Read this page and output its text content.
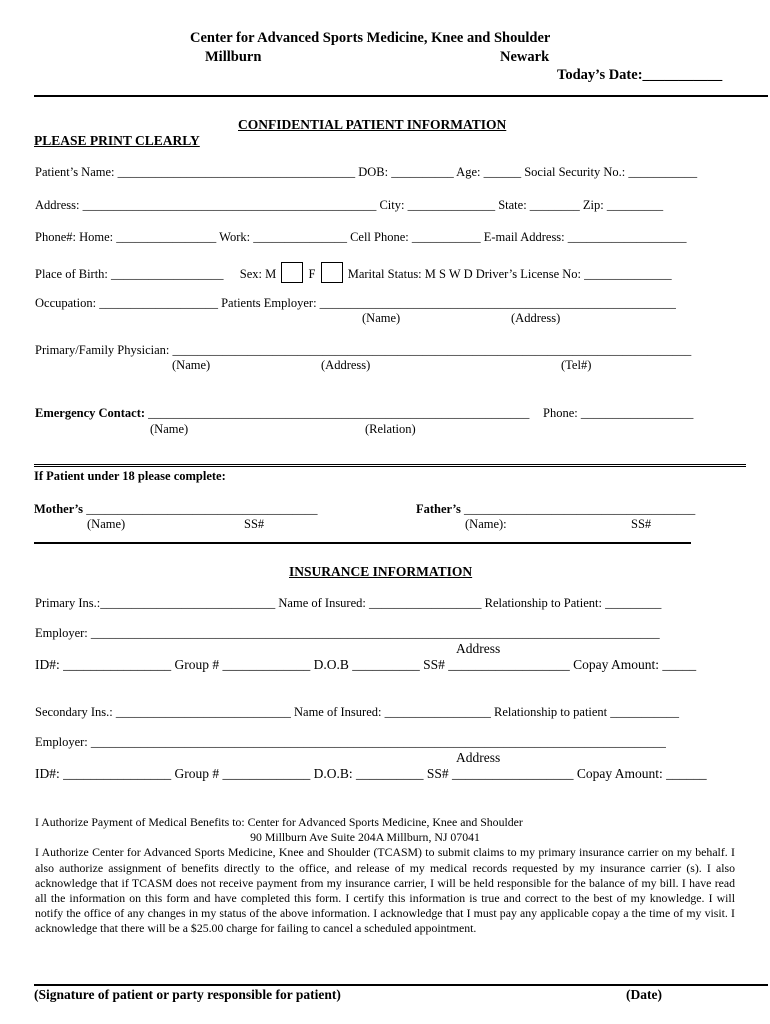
Center for Advanced Sports Medicine, Knee and Shoulder
Millburn	Newark
Today’s Date:___________
CONFIDENTIAL PATIENT INFORMATION
PLEASE PRINT CLEARLY
Patient’s Name: ______________________________________ DOB: __________ Age: ______ Social Security No.: ___________
Address: _______________________________________________ City: ______________ State: ________ Zip: _________
Phone#: Home: ________________ Work: _______________ Cell Phone: ___________ E-mail Address: ___________________
Place of Birth: __________________ Sex: M	F	Marital Status: M S W D Driver’s License No: ______________
Occupation: ___________________ Patients Employer: _________________________________________________________
(Name)	(Address)
Primary/Family Physician: ___________________________________________________________________________________
(Name)	(Address)	(Tel#)
Emergency Contact: _____________________________________________________________ Phone: __________________
(Name)	(Relation)
If Patient under 18 please complete:
Mother’s _____________________________________	Father’s _____________________________________
(Name)	SS#	(Name):	SS#
INSURANCE INFORMATION
Primary Ins.:____________________________ Name of Insured: __________________ Relationship to Patient: _________
Employer: ___________________________________________________________________________________________
Address
ID#: ________________ Group # _____________ D.O.B __________ SS# __________________ Copay Amount: _____
Secondary Ins.: ____________________________ Name of Insured: _________________ Relationship to patient ___________
Employer: ____________________________________________________________________________________________
Address
ID#: ________________ Group # _____________ D.O.B: __________ SS# __________________ Copay Amount: ______

I Authorize Payment of Medical Benefits to: Center for Advanced Sports Medicine, Knee and Shoulder

90 Millburn Ave Suite 204A Millburn, NJ 07041

I Authorize Center for Advanced Sports Medicine, Knee and Shoulder (TCASM) to submit claims to my primary insurance carrier on my behalf. I also authorize assignment of benefits directly to the office, and release of my medical records requested by my insurance carrier (s). I also acknowledge that if TCASM does not receive payment from my insurance carrier, I will be held responsible for the balance of my bill. I have read all the information on this form and have completed this form. I certify this information is true and correct to the best of my knowledge. I will notify the office of any changes in my status of the above information. I acknowledge that I must pay any applicable copay a the time of my visit. I acknowledge that there will be a $25.00 charge for failing to cancel a scheduled appointment.

(Signature of patient or party responsible for patient)	(Date)
